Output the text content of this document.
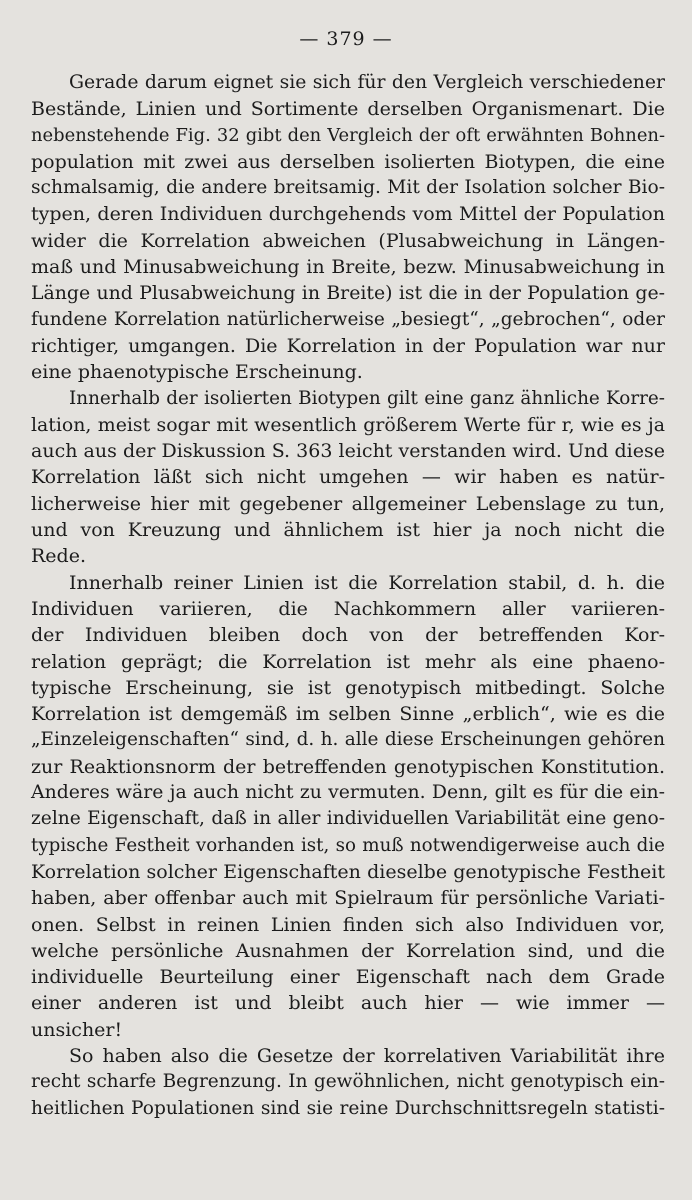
— 379 —
Gerade darum eignet sie sich für den Vergleich verschiedener
Bestände, Linien und Sortimente derselben Organismenart. Die
nebenstehende Fig. 32 gibt den Vergleich der oft erwähnten Bohnen-
population mit zwei aus derselben isolierten Biotypen, die eine
schmalsamig, die andere breitsamig. Mit der Isolation solcher Bio-
typen, deren Individuen durchgehends vom Mittel der Population
wider die Korrelation abweichen (Plusabweichung in Längen-
maß und Minusabweichung in Breite, bezw. Minusabweichung in
Länge und Plusabweichung in Breite) ist die in der Population ge-
fundene Korrelation natürlicherweise „besiegt“, „gebrochen“, oder
richtiger, umgangen. Die Korrelation in der Population war nur
eine phaenotypische Erscheinung.
Innerhalb der isolierten Biotypen gilt eine ganz ähnliche Korre-
lation, meist sogar mit wesentlich größerem Werte für r, wie es ja
auch aus der Diskussion S. 363 leicht verstanden wird. Und diese
Korrelation läßt sich nicht umgehen — wir haben es natür-
licherweise hier mit gegebener allgemeiner Lebenslage zu tun,
und von Kreuzung und ähnlichem ist hier ja noch nicht die
Rede.
Innerhalb reiner Linien ist die Korrelation stabil, d. h. die
Individuen variieren, die Nachkommern aller variieren-
der Individuen bleiben doch von der betreffenden Kor-
relation geprägt; die Korrelation ist mehr als eine phaeno-
typische Erscheinung, sie ist genotypisch mitbedingt. Solche
Korrelation ist demgemäß im selben Sinne „erblich“, wie es die
„Einzeleigenschaften“ sind, d. h. alle diese Erscheinungen gehören
zur Reaktionsnorm der betreffenden genotypischen Konstitution.
Anderes wäre ja auch nicht zu vermuten. Denn, gilt es für die ein-
zelne Eigenschaft, daß in aller individuellen Variabilität eine geno-
typische Festheit vorhanden ist, so muß notwendigerweise auch die
Korrelation solcher Eigenschaften dieselbe genotypische Festheit
haben, aber offenbar auch mit Spielraum für persönliche Variati-
onen. Selbst in reinen Linien finden sich also Individuen vor,
welche persönliche Ausnahmen der Korrelation sind, und die
individuelle Beurteilung einer Eigenschaft nach dem Grade
einer anderen ist und bleibt auch hier — wie immer —
unsicher!
So haben also die Gesetze der korrelativen Variabilität ihre
recht scharfe Begrenzung. In gewöhnlichen, nicht genotypisch ein-
heitlichen Populationen sind sie reine Durchschnittsregeln statisti-
